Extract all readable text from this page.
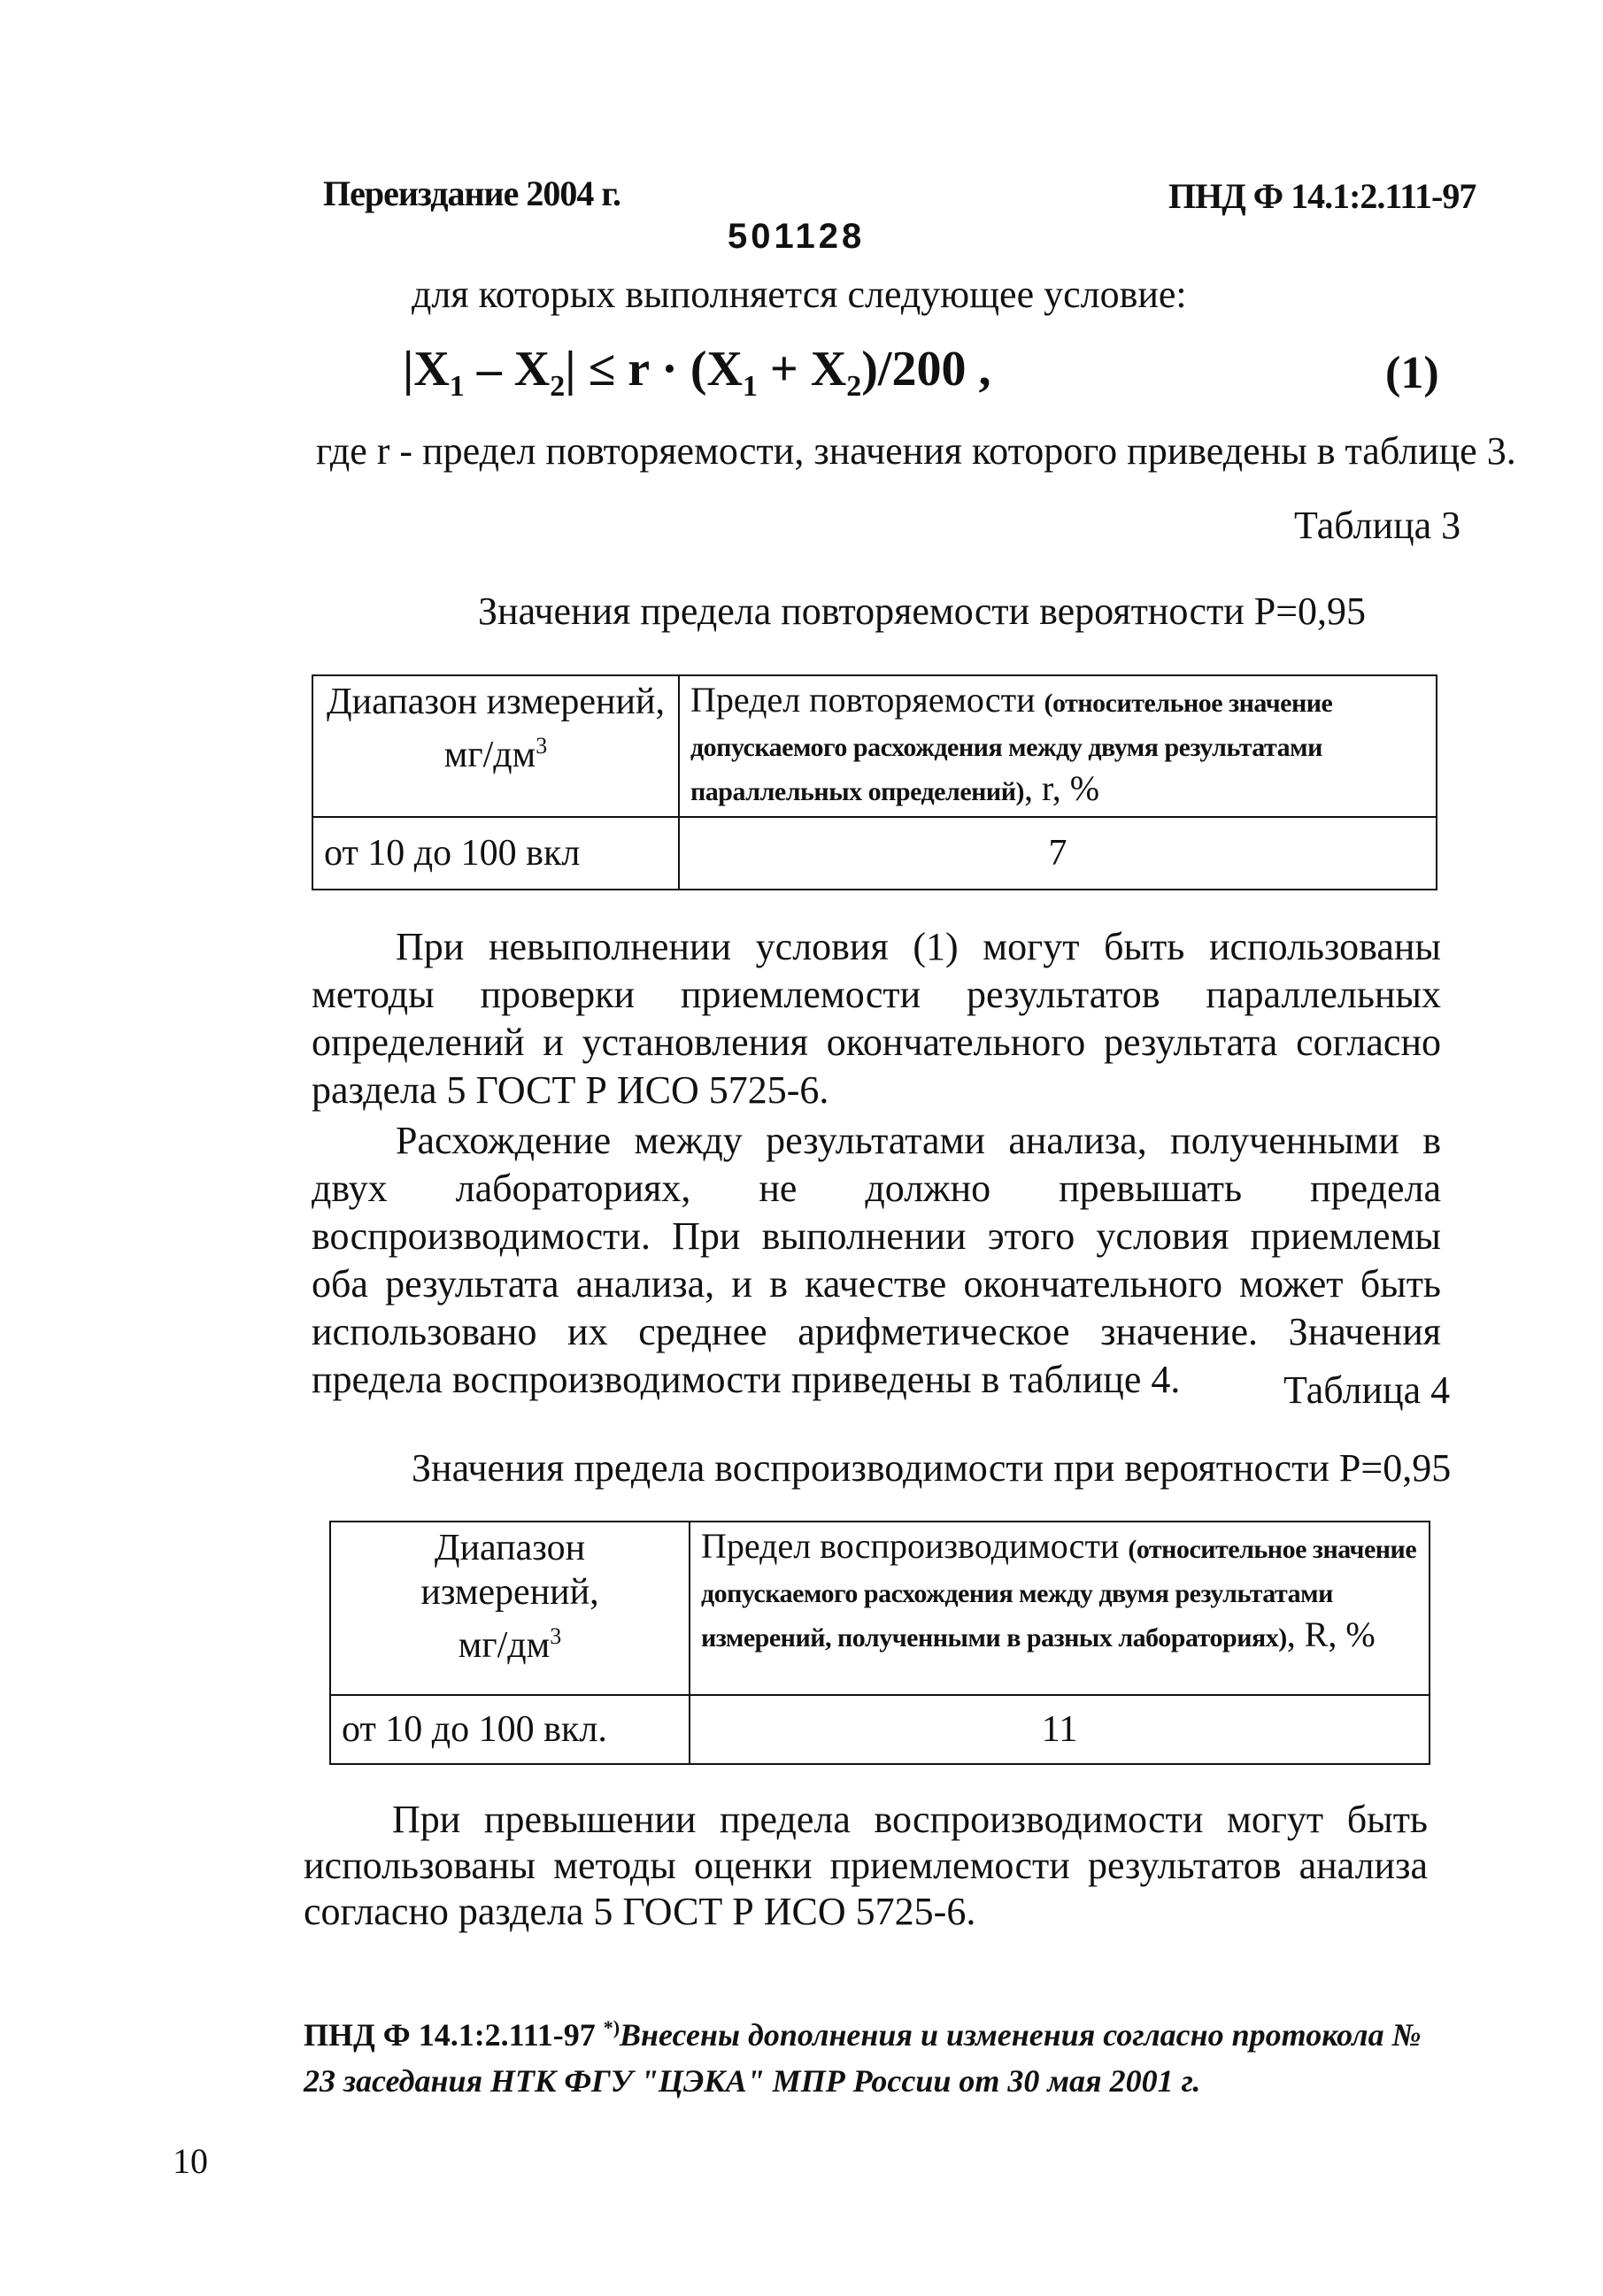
Переиздание 2004 г.	ПНД Ф 14.1:2.111-97
501128
для которых выполняется следующее условие:
$|X_1 - X_2| \le r \cdot (X_1 + X_2)/200$ ,	(1)
где r - предел повторяемости, значения которого приведены в таблице 3.
Таблица 3
Значения предела повторяемости вероятности Р=0,95
Диапазон измерений,
$мг/дм^3$	Предел повторяемости (относительное значение допускаемого расхождения между двумя результатами параллельных определений), r, %
от 10 до 100 вкл	7
При невыполнении условия (1) могут быть использованы методы проверки приемлемости результатов параллельных определений и установления окончательного результата согласно раздела 5 ГОСТ Р ИСО 5725-6.
Расхождение между результатами анализа, полученными в двух лабораториях, не должно превышать предела воспроизводимости. При выполнении этого условия приемлемы оба результата анализа, и в качестве окончательного может быть использовано их среднее арифметическое значение. Значения предела воспроизводимости приведены в таблице 4.	Таблица 4
Значения предела воспроизводимости при вероятности Р=0,95
Диапазон измерений,
$мг/дм^3$	Предел воспроизводимости (относительное значение допускаемого расхождения между двумя результатами измерений, полученными в разных лабораториях), R, %
от 10 до 100 вкл.	11
При превышении предела воспроизводимости могут быть использованы методы оценки приемлемости результатов анализа согласно раздела 5 ГОСТ Р ИСО 5725-6.
ПНД Ф 14.1:2.111-97 *)Внесены дополнения и изменения согласно протокола № 23 заседания НТК ФГУ "ЦЭКА" МПР России от 30 мая 2001 г.
10
